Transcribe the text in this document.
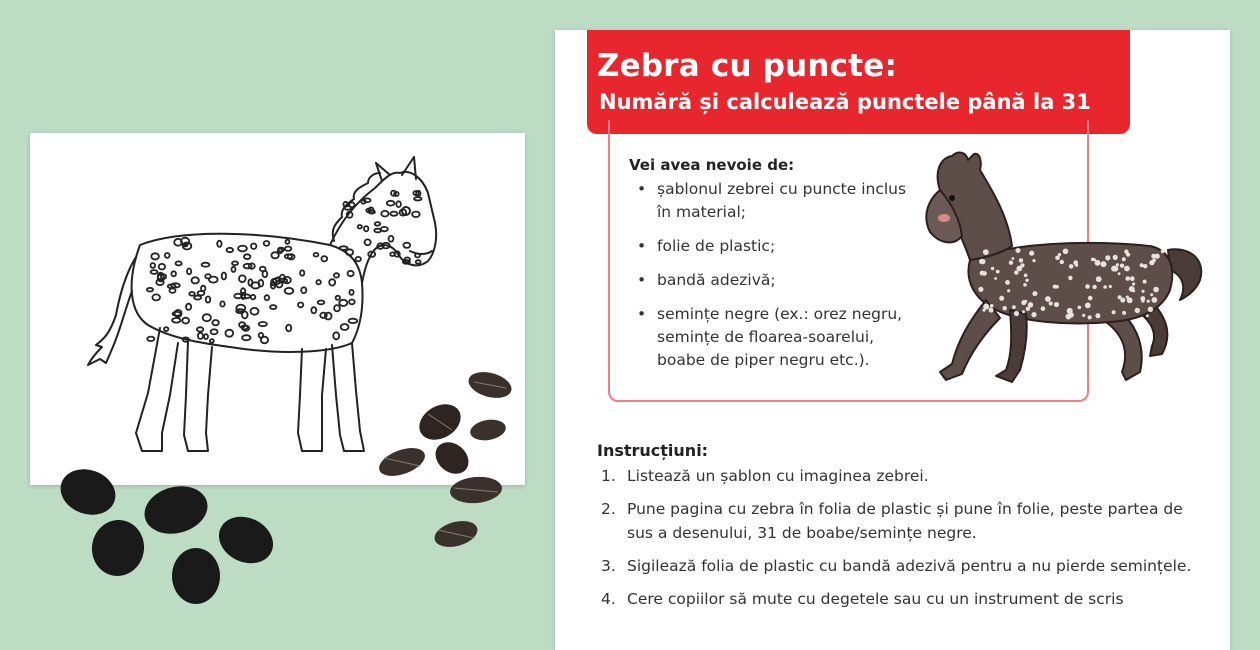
Zebra cu puncte:
Numără și calculează punctele până la 31
Vei avea nevoie de:
• șablonul zebrei cu puncte inclus în material;
• folie de plastic;
• bandă adezivă;
• semințe negre (ex.: orez negru, semințe de floarea-soarelui, boabe de piper negru etc.).
Instrucțiuni:
1. Listează un șablon cu imaginea zebrei.
2. Pune pagina cu zebra în folia de plastic și pune în folie, peste partea de sus a desenului, 31 de boabe/semințe negre.
3. Sigilează folia de plastic cu bandă adezivă pentru a nu pierde semințele.
4. Cere copiilor să mute cu degetele sau cu un instrument de scris
